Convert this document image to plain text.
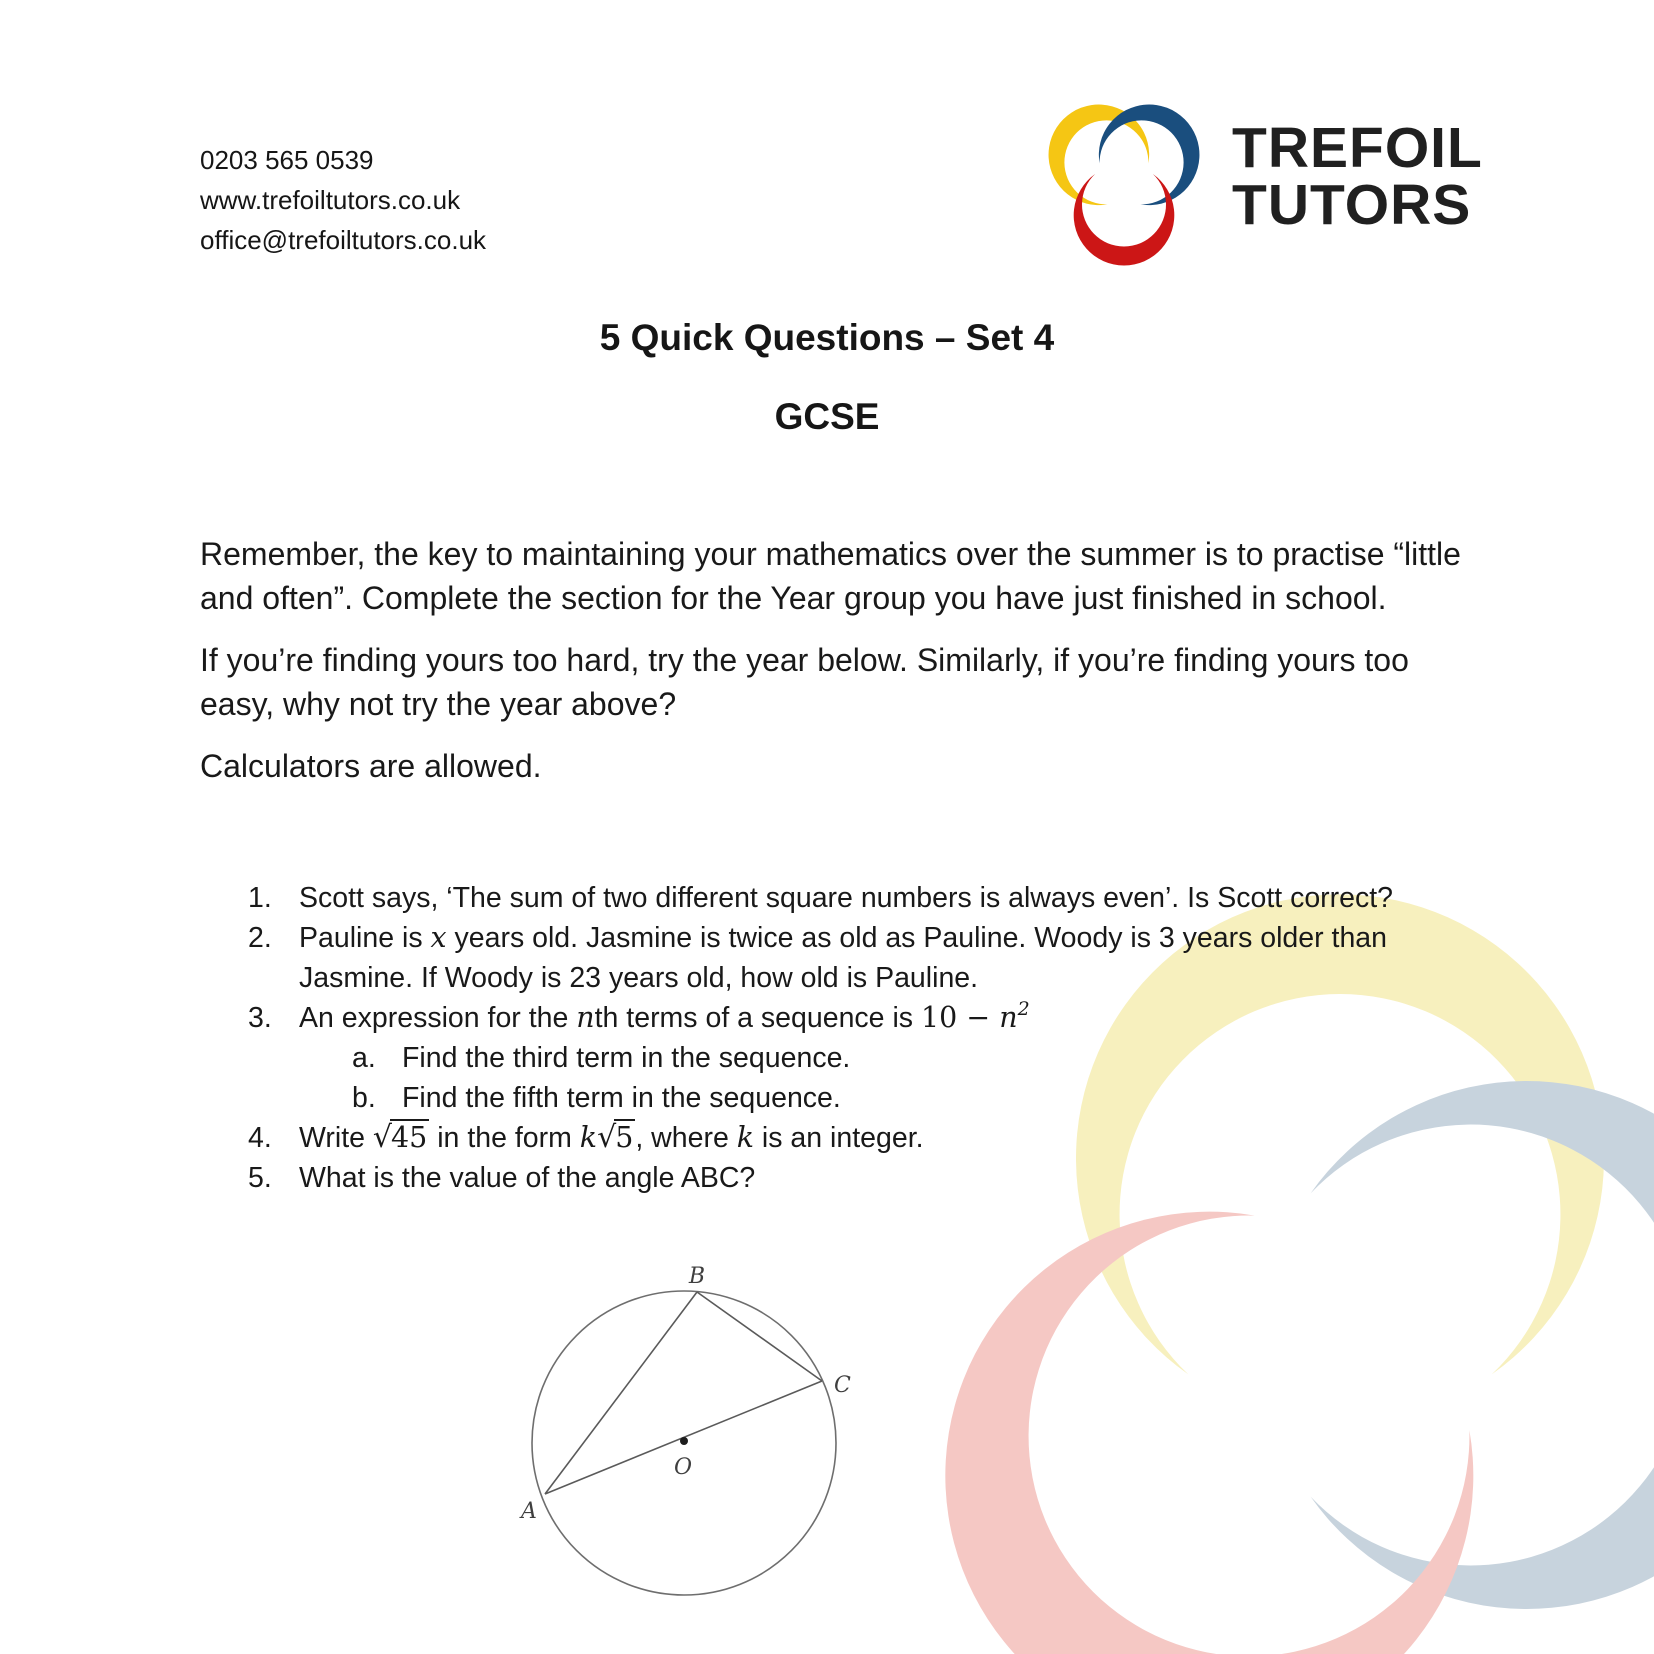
0203 565 0539
www.trefoiltutors.co.uk
office@trefoiltutors.co.uk
TREFOIL
TUTORS
5 Quick Questions – Set 4
GCSE
Remember, the key to maintaining your mathematics over the summer is to practise “little
and often”. Complete the section for the Year group you have just finished in school.
If you’re finding yours too hard, try the year below. Similarly, if you’re finding yours too
easy, why not try the year above?
Calculators are allowed.
1. Scott says, ‘The sum of two different square numbers is always even’. Is Scott correct?
2. Pauline is x years old. Jasmine is twice as old as Pauline. Woody is 3 years older than
Jasmine. If Woody is 23 years old, how old is Pauline.
3. An expression for the nth terms of a sequence is $10 - n^2$
a. Find the third term in the sequence.
b. Find the fifth term in the sequence.
4. Write √45 in the form k√5, where k is an integer.
5. What is the value of the angle ABC?
B
C
A
O
